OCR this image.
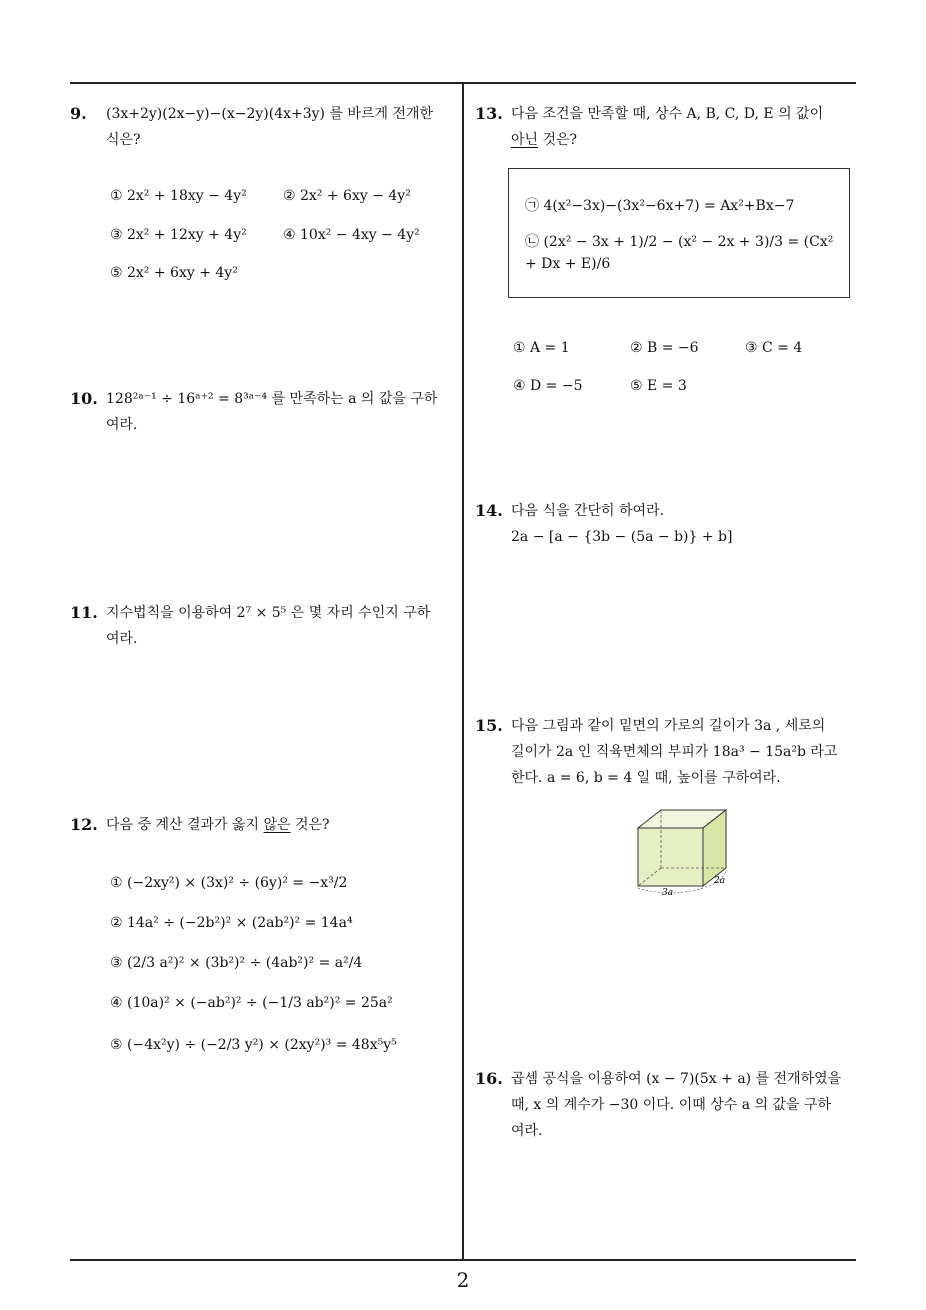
9. (3x+2y)(2x−y)−(x−2y)(4x+3y) 를 바르게 전개한
식은?
① 2x² + 18xy − 4y²	② 2x² + 6xy − 4y²
③ 2x² + 12xy + 4y²	④ 10x² − 4xy − 4y²
⑤ 2x² + 6xy + 4y²
10. 128²ᵃ⁻¹ ÷ 16ᵃ⁺² = 8³ᵃ⁻⁴ 를 만족하는 a 의 값을 구하
여라.
11. 지수법칙을 이용하여 2⁷ × 5⁵ 은 몇 자리 수인지 구하
여라.
12. 다음 중 계산 결과가 옳지 않은 것은?
① (−2xy²) × (3x)² ÷ (6y)² = −x³/2
② 14a² ÷ (−2b²)² × (2ab²)² = 14a⁴
③ (2/3 a²)² × (3b²)² ÷ (4ab²)² = a²/4
④ (10a)² × (−ab²)² ÷ (−1/3 ab²)² = 25a²
⑤ (−4x²y) ÷ (−2/3 y²) × (2xy²)³ = 48x⁵y⁵
13. 다음 조건을 만족할 때, 상수 A, B, C, D, E 의 값이
아닌 것은?
㉠ 4(x²−3x)−(3x²−6x+7) = Ax²+Bx−7
㉡ (2x² − 3x + 1)/2 − (x² − 2x + 3)/3 = (Cx² + Dx + E)/6
① A = 1	② B = −6	③ C = 4
④ D = −5	⑤ E = 3
14. 다음 식을 간단히 하여라.
2a − [a − {3b − (5a − b)} + b]
15. 다음 그림과 같이 밑면의 가로의 길이가 3a , 세로의
길이가 2a 인 직육면체의 부피가 18a³ − 15a²b 라고
한다. a = 6, b = 4 일 때, 높이를 구하여라.
3a
2a
16. 곱셈 공식을 이용하여 (x − 7)(5x + a) 를 전개하였을
때, x 의 계수가 −30 이다. 이때 상수 a 의 값을 구하
여라.
2
